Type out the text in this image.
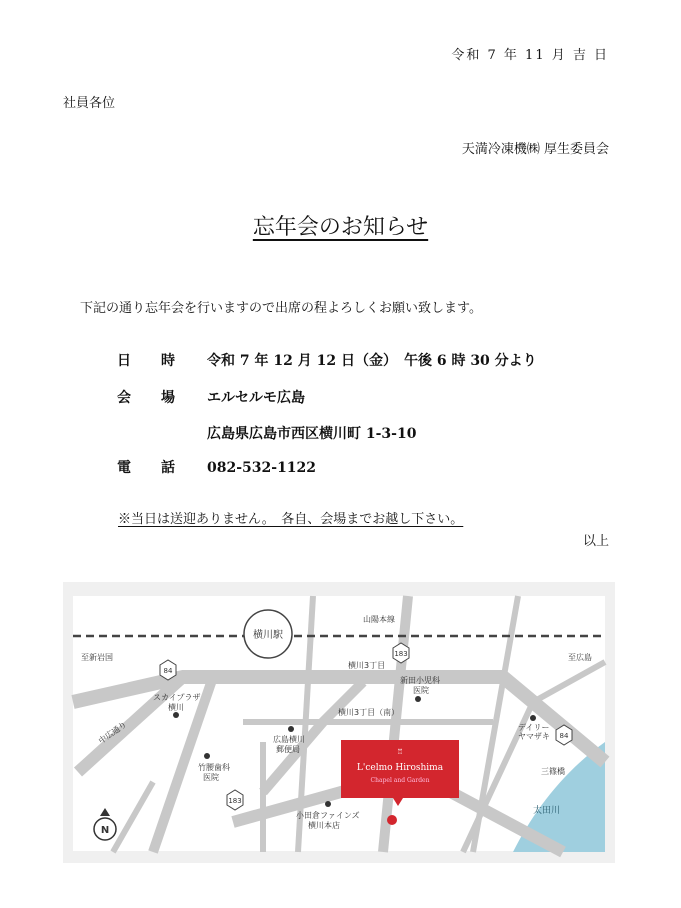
令和 7 年 11 月 吉 日
社員各位
天満冷凍機㈱ 厚生委員会
忘年会のお知らせ
下記の通り忘年会を行いますので出席の程よろしくお願い致します。
日 時 令和 7 年 12 月 12 日（金）　午後 6 時 30 分より
会 場 エルセルモ広島
広島県広島市西区横川町 1-3-10
電 話 082-532-1122
※当日は送迎ありません。　各自、会場までお越し下さい。
以上
横川駅
山陽本線
至新岩国	至広島
84
183
84
183
横川3丁目
横川3丁目（南）
スカイプラザ
横川
新田小児科
医院
広島横川
郵便局
竹腰歯科
医院
デイリー
ヤマザキ
小田倉ファインズ
横川本店
中広通り
三篠橋
太田川
♖
L'celmo Hiroshima
Chapel and Garden
N
